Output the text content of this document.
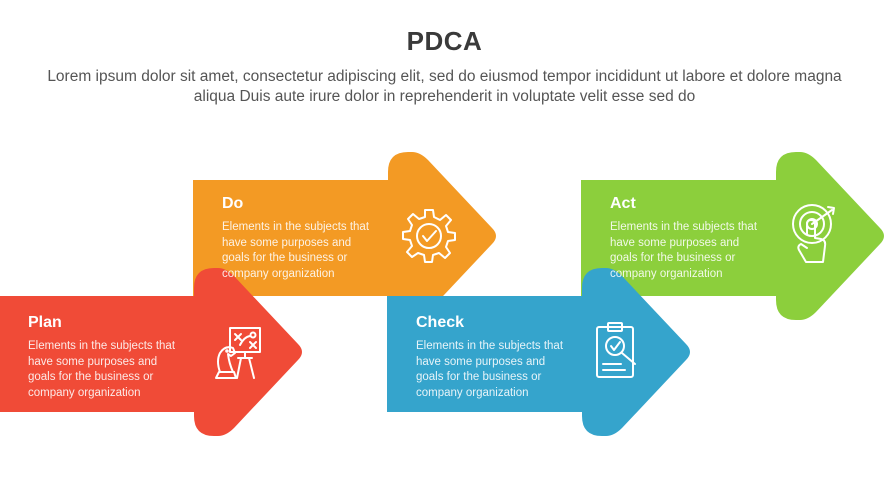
PDCA
Lorem ipsum dolor sit amet, consectetur adipiscing elit, sed do eiusmod tempor incididunt ut labore et dolore magna aliqua Duis aute irure dolor in reprehenderit in voluptate velit esse sed do
Do
Elements in the subjects that have some purposes and goals for the business or company organization
Act
Elements in the subjects that have some purposes and goals for the business or company organization
Plan
Elements in the subjects that have some purposes and goals for the business or company organization
Check
Elements in the subjects that have some purposes and goals for the business or company organization
